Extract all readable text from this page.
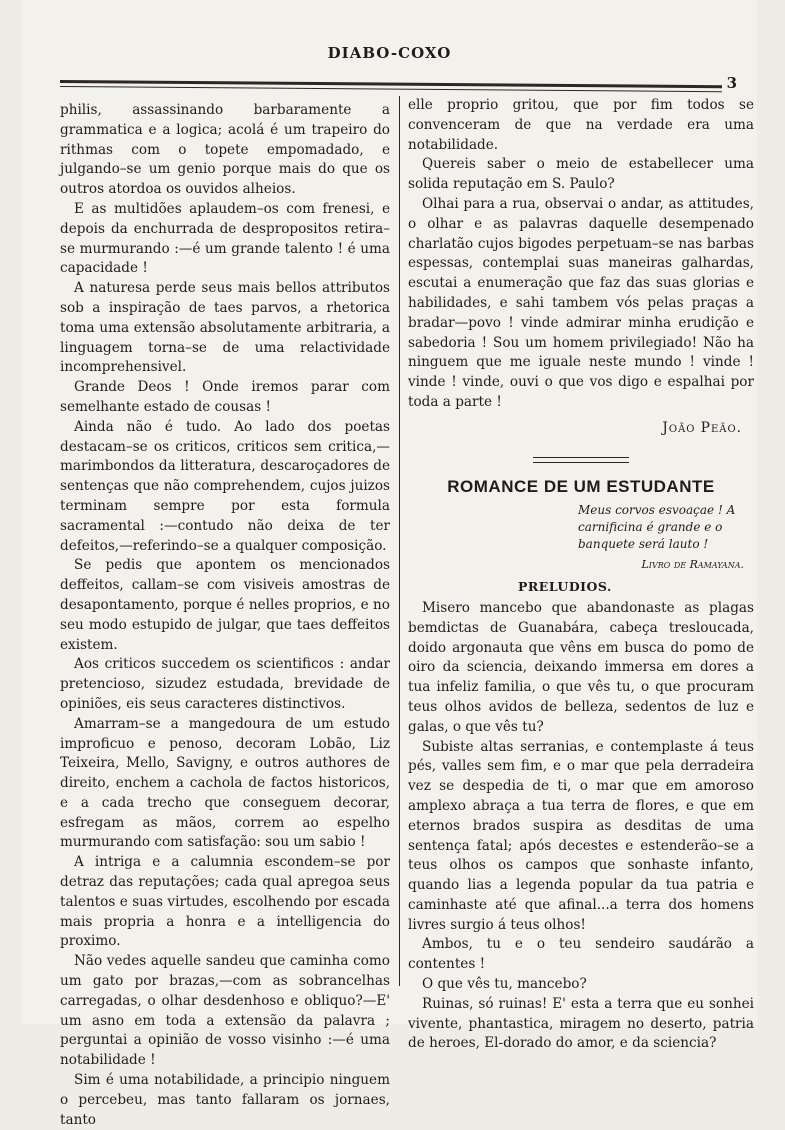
DIABO-COXO
3

philis, assassinando barbaramente a grammatica e a logica; acolá é um trapeiro do rithmas com o topete empomadado, e julgando–se um genio porque mais do que os outros atordoa os ouvidos alheios.

E as multidões aplaudem–os com frenesi, e depois da enchurrada de despropositos retira–se murmurando :—é um grande talento ! é uma capacidade !

A naturesa perde seus mais bellos attributos sob a inspiração de taes parvos, a rhetorica toma uma extensão absolutamente arbitraria, a linguagem torna–se de uma relactividade incomprehensivel.

Grande Deos ! Onde iremos parar com semelhante estado de cousas !

Ainda não é tudo. Ao lado dos poetas destacam–se os criticos, criticos sem critica,—marimbondos da litteratura, descaroçadores de sentenças que não comprehendem, cujos juizos terminam sempre por esta formula sacramental :—contudo não deixa de ter defeitos,—referindo–se a qualquer composição.

Se pedis que apontem os mencionados deffeitos, callam–se com visiveis amostras de desapontamento, porque é nelles proprios, e no seu modo estupido de julgar, que taes deffeitos existem.

Aos criticos succedem os scientificos : andar pretencioso, sizudez estudada, brevidade de opiniões, eis seus caracteres distinctivos.

Amarram–se a mangedoura de um estudo improficuo e penoso, decoram Lobão, Liz Teixeira, Mello, Savigny, e outros authores de direito, enchem a cachola de factos historicos, e a cada trecho que conseguem decorar, esfregam as mãos, correm ao espelho murmurando com satisfação: sou um sabio !

A intriga e a calumnia escondem–se por detraz das reputações; cada qual apregoa seus talentos e suas virtudes, escolhendo por escada mais propria a honra e a intelligencia do proximo.

Não vedes aquelle sandeu que caminha como um gato por brazas,—com as sobrancelhas carregadas, o olhar desdenhoso e obliquo?—E' um asno em toda a extensão da palavra ; perguntai a opinião de vosso visinho :—é uma notabilidade !

Sim é uma notabilidade, a principio ninguem o percebeu, mas tanto fallaram os jornaes, tanto

elle proprio gritou, que por fim todos se convenceram de que na verdade era uma notabilidade.

Quereis saber o meio de estabellecer uma solida reputação em S. Paulo?

Olhai para a rua, observai o andar, as attitudes, o olhar e as palavras daquelle desempenado charlatão cujos bigodes perpetuam–se nas barbas espessas, contemplai suas maneiras galhardas, escutai a enumeração que faz das suas glorias e habilidades, e sahi tambem vós pelas praças a bradar—povo ! vinde admirar minha erudição e sabedoria ! Sou um homem privilegiado! Não ha ninguem que me iguale neste mundo ! vinde ! vinde ! vinde, ouvi o que vos digo e espalhai por toda a parte !

João Peão.

ROMANCE DE UM ESTUDANTE

Meus corvos esvoaçae ! A carnificina é grande e o banquete será lauto !

Livro de Ramayana.

PRELUDIOS.

Misero mancebo que abandonaste as plagas bemdictas de Guanabára, cabeça tresloucada, doido argonauta que vêns em busca do pomo de oiro da sciencia, deixando immersa em dores a tua infeliz familia, o que vês tu, o que procuram teus olhos avidos de belleza, sedentos de luz e galas, o que vês tu?

Subiste altas serranias, e contemplaste á teus pés, valles sem fim, e o mar que pela derradeira vez se despedia de ti, o mar que em amoroso amplexo abraça a tua terra de flores, e que em eternos brados suspira as desditas de uma sentença fatal; após decestes e estenderão–se a teus olhos os campos que sonhaste infanto, quando lias a legenda popular da tua patria e caminhaste até que afinal...a terra dos homens livres surgio á teus olhos!

Ambos, tu e o teu sendeiro saudárão a contentes !

O que vês tu, mancebo?

Ruinas, só ruinas! E' esta a terra que eu sonhei vivente, phantastica, miragem no deserto, patria de heroes, El-dorado do amor, e da sciencia?
